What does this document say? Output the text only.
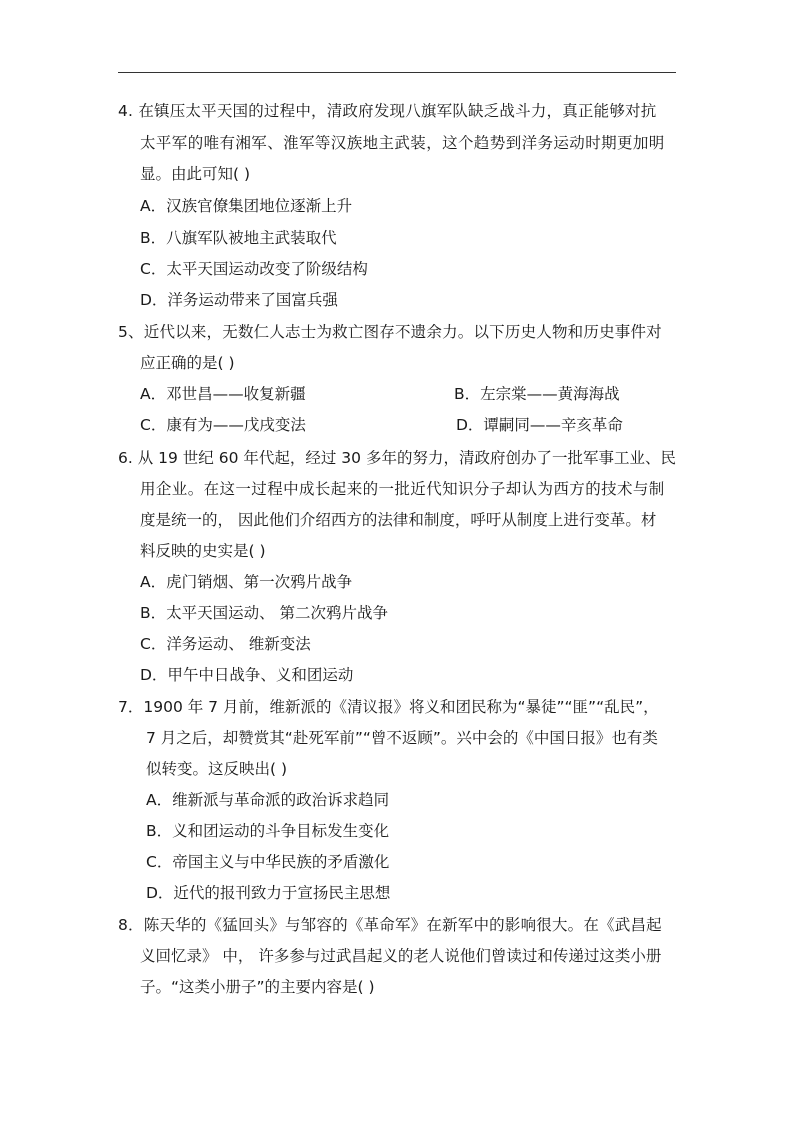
4. 在镇压太平天国的过程中，清政府发现八旗军队缺乏战斗力，真正能够对抗
太平军的唯有湘军、淮军等汉族地主武装，这个趋势到洋务运动时期更加明
显。由此可知( )
A．汉族官僚集团地位逐渐上升
B．八旗军队被地主武装取代
C．太平天国运动改变了阶级结构
D．洋务运动带来了国富兵强
5、近代以来，无数仁人志士为救亡图存不遗余力。以下历史人物和历史事件对
应正确的是( )
A．邓世昌——收复新疆	B．左宗棠——黄海海战
C．康有为——戊戌变法	D．谭嗣同——辛亥革命
6. 从 19 世纪 60 年代起，经过 30 多年的努力，清政府创办了一批军事工业、民
用企业。在这一过程中成长起来的一批近代知识分子却认为西方的技术与制
度是统一的， 因此他们介绍西方的法律和制度，呼吁从制度上进行变革。材
料反映的史实是( )
A．虎门销烟、第一次鸦片战争
B．太平天国运动、 第二次鸦片战争
C．洋务运动、 维新变法
D．甲午中日战争、义和团运动
7．1900 年 7 月前，维新派的《清议报》将义和团民称为“暴徒”“匪”“乱民”，
7 月之后，却赞赏其“赴死军前”“曾不返顾”。兴中会的《中国日报》也有类
似转变。这反映出( )
A．维新派与革命派的政治诉求趋同
B．义和团运动的斗争目标发生变化
C．帝国主义与中华民族的矛盾激化
D．近代的报刊致力于宣扬民主思想
8．陈天华的《猛回头》与邹容的《革命军》在新军中的影响很大。在《武昌起
义回忆录》 中， 许多参与过武昌起义的老人说他们曾读过和传递过这类小册
子。“这类小册子”的主要内容是( )
